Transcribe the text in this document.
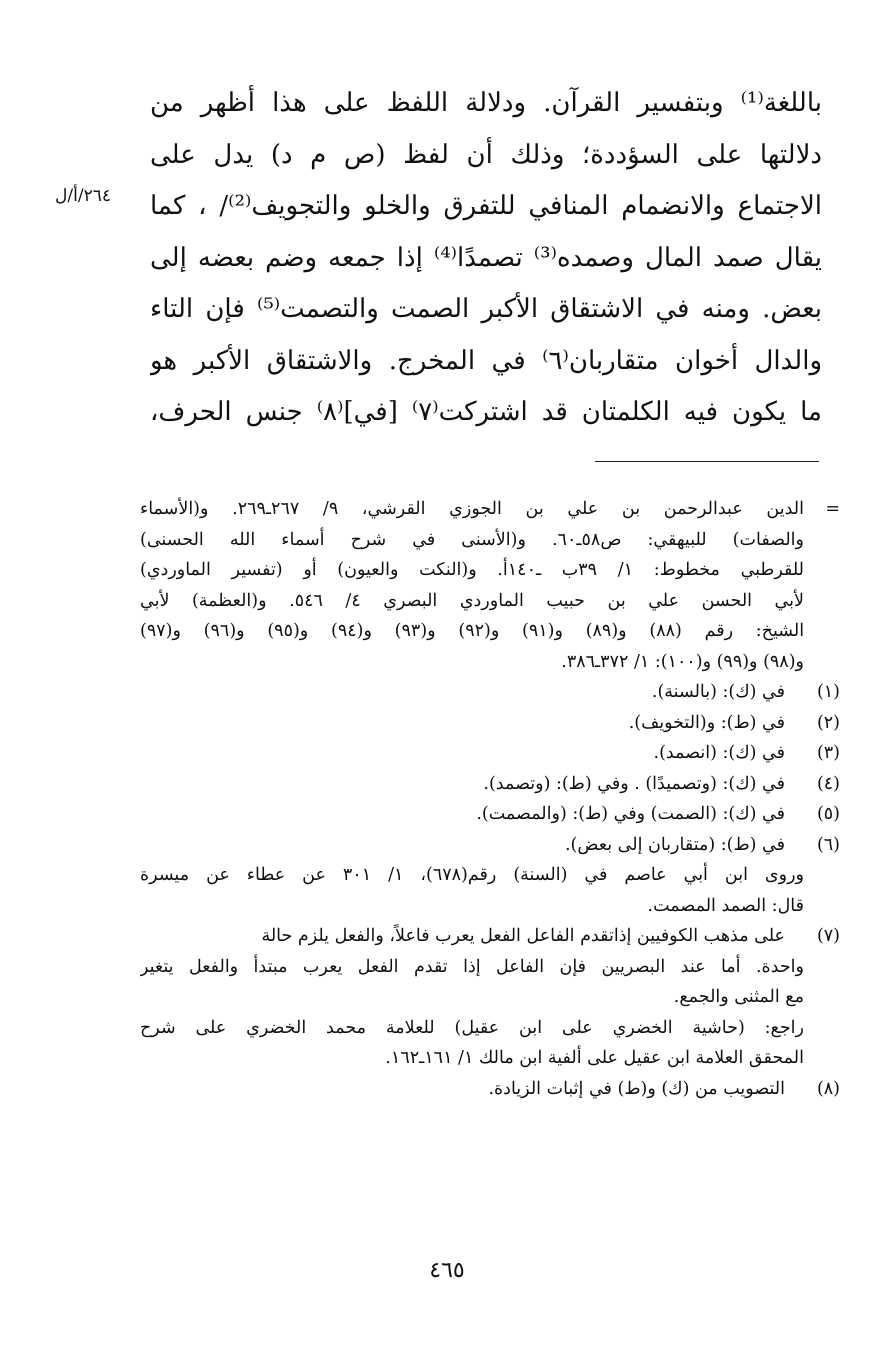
باللغة⁽¹⁾ وبتفسير القرآن. ودلالة اللفظ على هذا أظهر من
دلالتها على السؤددة؛ وذلك أن لفظ (ص م د) يدل على
الاجتماع والانضمام المنافي للتفرق والخلو والتجويف⁽²⁾/ ، كما
يقال صمد المال وصمده⁽³⁾ تصمدًا⁽⁴⁾ إذا جمعه وضم بعضه إلى
بعض. ومنه في الاشتقاق الأكبر الصمت والتصمت⁽⁵⁾ فإن التاء
والدال أخوان متقاربان⁽٦⁾ في المخرج. والاشتقاق الأكبر هو
ما يكون فيه الكلمتان قد اشتركت⁽٧⁾ [في]⁽٨⁾ جنس الحرف،
٢٦٤/أ/ل
=
الدين عبدالرحمن بن علي بن الجوزي القرشي، ٩/ ٢٦٧ـ٢٦٩. و(الأسماء
والصفات) للبيهقي: ص٥٨ـ٦٠. و(الأسنى في شرح أسماء الله الحسنى)
للقرطبي مخطوط: ١/ ٣٩ب ـ١٤٠أ. و(النكت والعيون) أو (تفسير الماوردي)
لأبي الحسن علي بن حبيب الماوردي البصري ٤/ ٥٤٦. و(العظمة) لأبي
الشيخ: رقم (٨٨) و(٨٩) و(٩١) و(٩٢) و(٩٣) و(٩٤) و(٩٥) و(٩٦) و(٩٧)
و(٩٨) و(٩٩) و(١٠٠): ١/ ٣٧٢ـ٣٨٦.
(١)في (ك): (بالسنة).
(٢)في (ط): و(التخويف).
(٣)في (ك): (انصمد).
(٤)في (ك): (وتصميدًا) . وفي (ط): (وتصمد).
(٥)في (ك): (الصمت) وفي (ط): (والمصمت).
(٦)في (ط): (متقاربان إلى بعض).
وروى ابن أبي عاصم في (السنة) رقم(٦٧٨)، ١/ ٣٠١ عن عطاء عن ميسرة
قال: الصمد المصمت.
(٧)على مذهب الكوفيين إذاتقدم الفاعل الفعل يعرب فاعلاً، والفعل يلزم حالة
واحدة. أما عند البصريين فإن الفاعل إذا تقدم الفعل يعرب مبتدأ والفعل يتغير
مع المثنى والجمع.
راجع: (حاشية الخضري على ابن عقيل) للعلامة محمد الخضري على شرح
المحقق العلامة ابن عقيل على ألفية ابن مالك ١/ ١٦١ـ١٦٢.
(٨)التصويب من (ك) و(ط) في إثبات الزيادة.
٤٦٥
